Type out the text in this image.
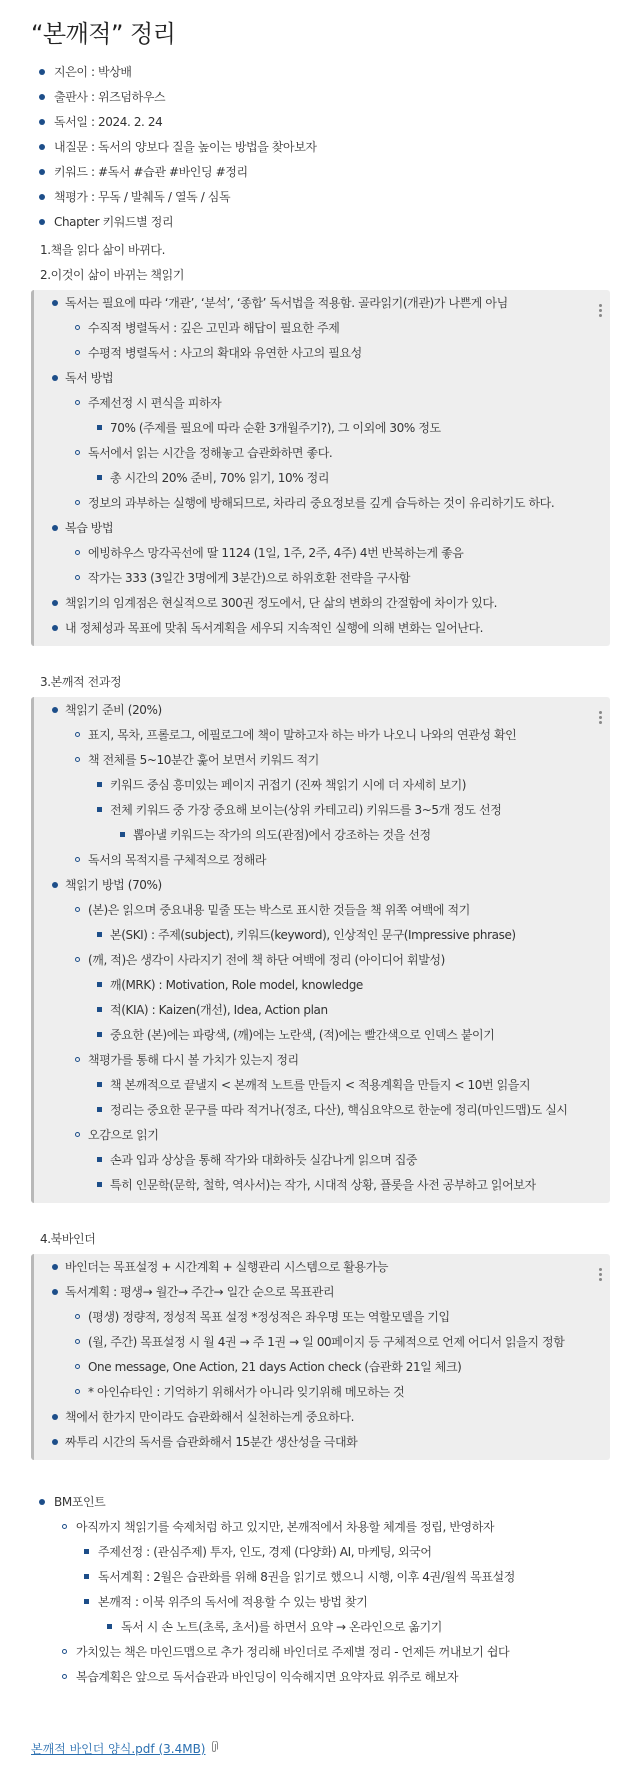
“본깨적” 정리
지은이 : 박상배
출판사 : 위즈덤하우스
독서일 : 2024. 2. 24
내질문 : 독서의 양보다 질을 높이는 방법을 찾아보자
키워드 : #독서 #습관 #바인딩 #정리
책평가 : 무독 / 발췌독 / 열독 / 심독
Chapter 키워드별 정리
1.책을 읽다 삶이 바뀌다.
2.이것이 삶이 바뀌는 책읽기
독서는 필요에 따라 ‘개관’, ‘분석’, ‘종합’ 독서법을 적용함. 골라읽기(개관)가 나쁜게 아님
수직적 병렬독서 : 깊은 고민과 해답이 필요한 주제
수평적 병렬독서 : 사고의 확대와 유연한 사고의 필요성
독서 방법
주제선정 시 편식을 피하자
70% (주제를 필요에 따라 순환 3개월주기?), 그 이외에 30% 정도
독서에서 읽는 시간을 정해놓고 습관화하면 좋다.
총 시간의 20% 준비, 70% 읽기, 10% 정리
정보의 과부하는 실행에 방해되므로, 차라리 중요정보를 깊게 습득하는 것이 유리하기도 하다.
복습 방법
에빙하우스 망각곡선에 딸 1124 (1일, 1주, 2주, 4주) 4번 반복하는게 좋음
작가는 333 (3일간 3명에게 3분간)으로 하위호환 전략을 구사함
책읽기의 임계점은 현실적으로 300권 정도에서, 단 삶의 변화의 간절함에 차이가 있다.
내 정체성과 목표에 맞춰 독서계획을 세우되 지속적인 실행에 의해 변화는 일어난다.
3.본깨적 전과정
책읽기 준비 (20%)
표지, 목차, 프롤로그, 에필로그에 책이 말하고자 하는 바가 나오니 나와의 연관성 확인
책 전체를 5~10분간 훑어 보면서 키워드 적기
키워드 중심 흥미있는 페이지 귀접기 (진짜 책읽기 시에 더 자세히 보기)
전체 키워드 중 가장 중요해 보이는(상위 카테고리) 키워드를 3~5개 정도 선정
뽑아낼 키워드는 작가의 의도(관점)에서 강조하는 것을 선정
독서의 목적지를 구체적으로 정해라
책읽기 방법 (70%)
(본)은 읽으며 중요내용 밑줄 또는 박스로 표시한 것들을 책 위쪽 여백에 적기
본(SKI) : 주제(subject), 키워드(keyword), 인상적인 문구(Impressive phrase)
(깨, 적)은 생각이 사라지기 전에 책 하단 여백에 정리 (아이디어 휘발성)
깨(MRK) : Motivation, Role model, knowledge
적(KIA) : Kaizen(개선), Idea, Action plan
중요한 (본)에는 파랑색, (깨)에는 노란색, (적)에는 빨간색으로 인덱스 붙이기
책평가를 통해 다시 볼 가치가 있는지 정리
책 본깨적으로 끝낼지 < 본깨적 노트를 만들지 < 적용계획을 만들지 < 10번 읽을지
정리는 중요한 문구를 따라 적거나(정조, 다산), 핵심요약으로 한눈에 정리(마인드맵)도 실시
오감으로 읽기
손과 입과 상상을 통해 작가와 대화하듯 실감나게 읽으며 집중
특히 인문학(문학, 철학, 역사서)는 작가, 시대적 상황, 플롯을 사전 공부하고 읽어보자
4.북바인더
바인더는 목표설정 + 시간계획 + 실행관리 시스템으로 활용가능
독서계획 : 평생→ 월간→ 주간→ 일간 순으로 목표관리
(평생) 정량적, 정성적 목표 설정 *정성적은 좌우명 또는 역할모델을 기입
(월, 주간) 목표설정 시 월 4권 → 주 1권 → 일 00페이지 등 구체적으로 언제 어디서 읽을지 정함
One message, One Action, 21 days Action check (습관화 21일 체크)
* 아인슈타인 : 기억하기 위해서가 아니라 잊기위해 메모하는 것
책에서 한가지 만이라도 습관화해서 실천하는게 중요하다.
짜투리 시간의 독서를 습관화해서 15분간 생산성을 극대화
BM포인트
아직까지 책읽기를 숙제처럼 하고 있지만, 본깨적에서 차용할 체계를 정립, 반영하자
주제선정 : (관심주제) 투자, 인도, 경제 (다양화) AI, 마케팅, 외국어
독서계획 : 2월은 습관화를 위해 8권을 읽기로 했으니 시행, 이후 4권/월씩 목표설정
본깨적 : 이북 위주의 독서에 적용할 수 있는 방법 찾기
독서 시 손 노트(초록, 초서)를 하면서 요약 → 온라인으로 옮기기
가치있는 책은 마인드맵으로 추가 정리해 바인더로 주제별 정리 - 언제든 꺼내보기 쉽다
복습계획은 앞으로 독서습관과 바인딩이 익숙해지면 요약자료 위주로 해보자
본깨적 바인더 양식.pdf (3.4MB)
